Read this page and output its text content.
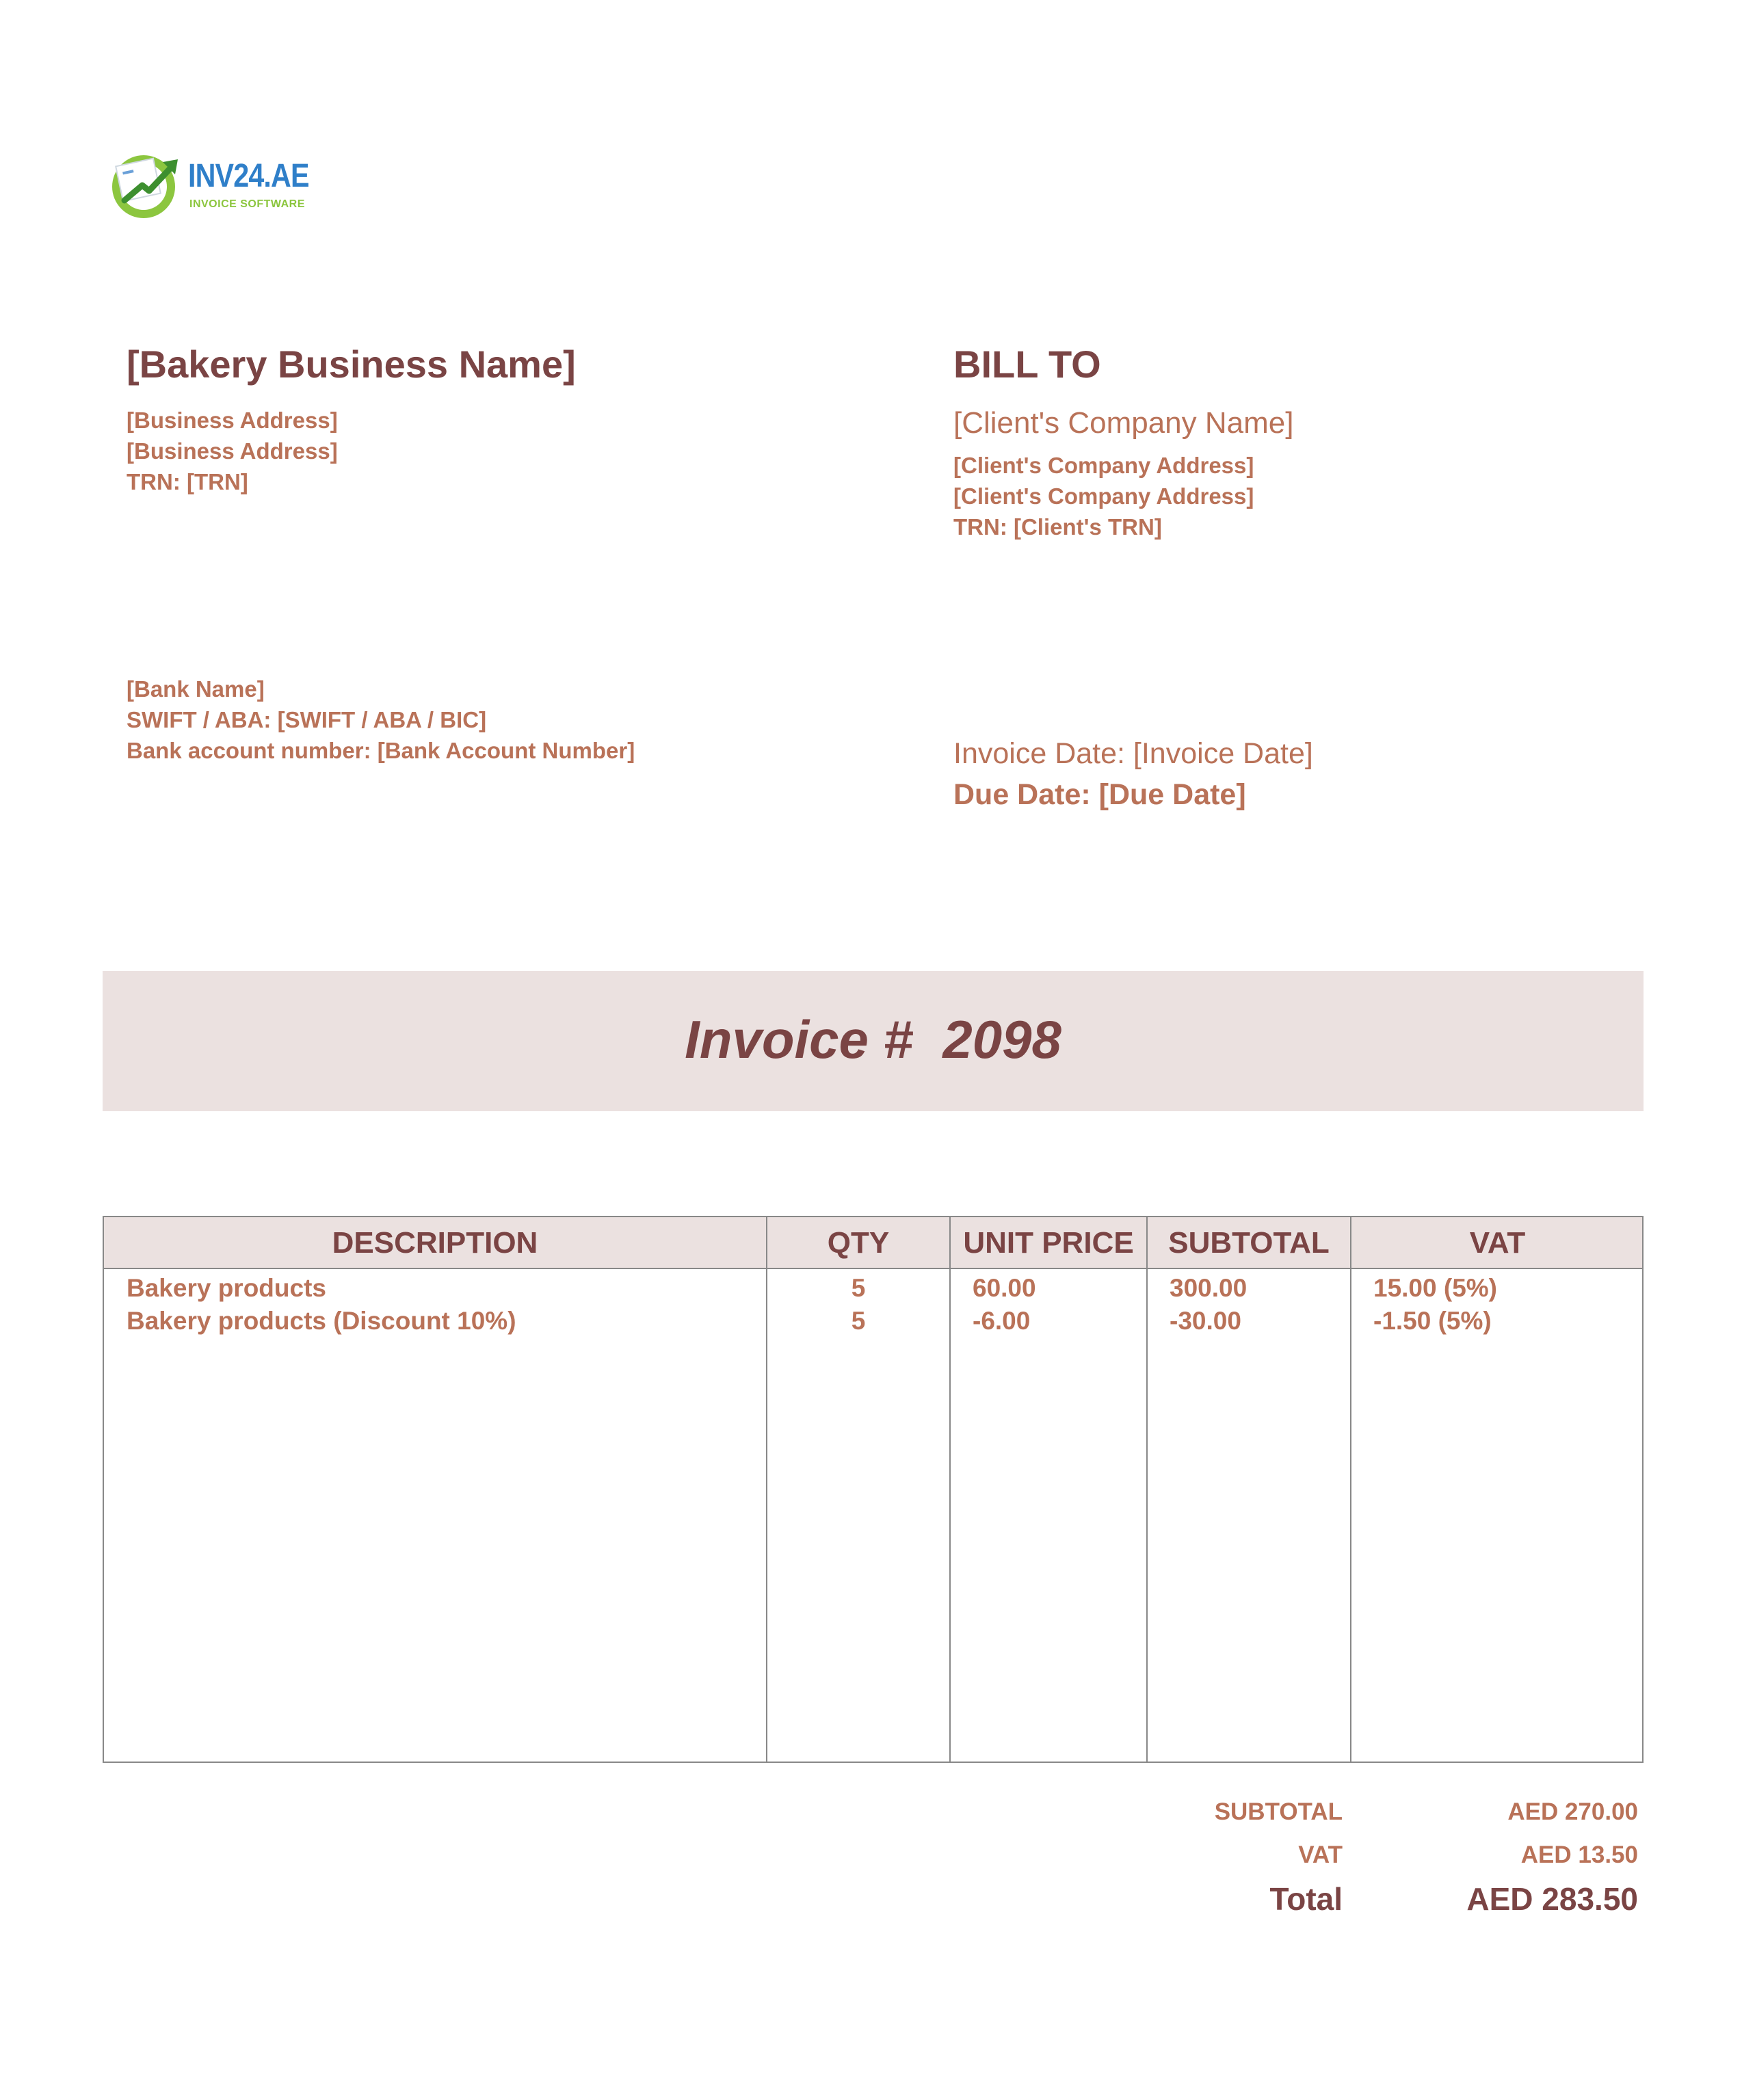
INV24.AE
INVOICE SOFTWARE
[Bakery Business Name]
[Business Address]
[Business Address]
TRN: [TRN]
BILL TO
[Client's Company Name]
[Client's Company Address]
[Client's Company Address]
TRN: [Client's TRN]
[Bank Name]
SWIFT / ABA: [SWIFT / ABA / BIC]
Bank account number: [Bank Account Number]	Invoice Date: [Invoice Date]
Due Date: [Due Date]
Invoice #  2098
DESCRIPTION	QTY	UNIT PRICE	SUBTOTAL	VAT
Bakery products	5	60.00	300.00	15.00 (5%)
Bakery products (Discount 10%)	5	-6.00	-30.00	-1.50 (5%)
SUBTOTAL	AED 270.00
VAT	AED 13.50
Total	AED 283.50
